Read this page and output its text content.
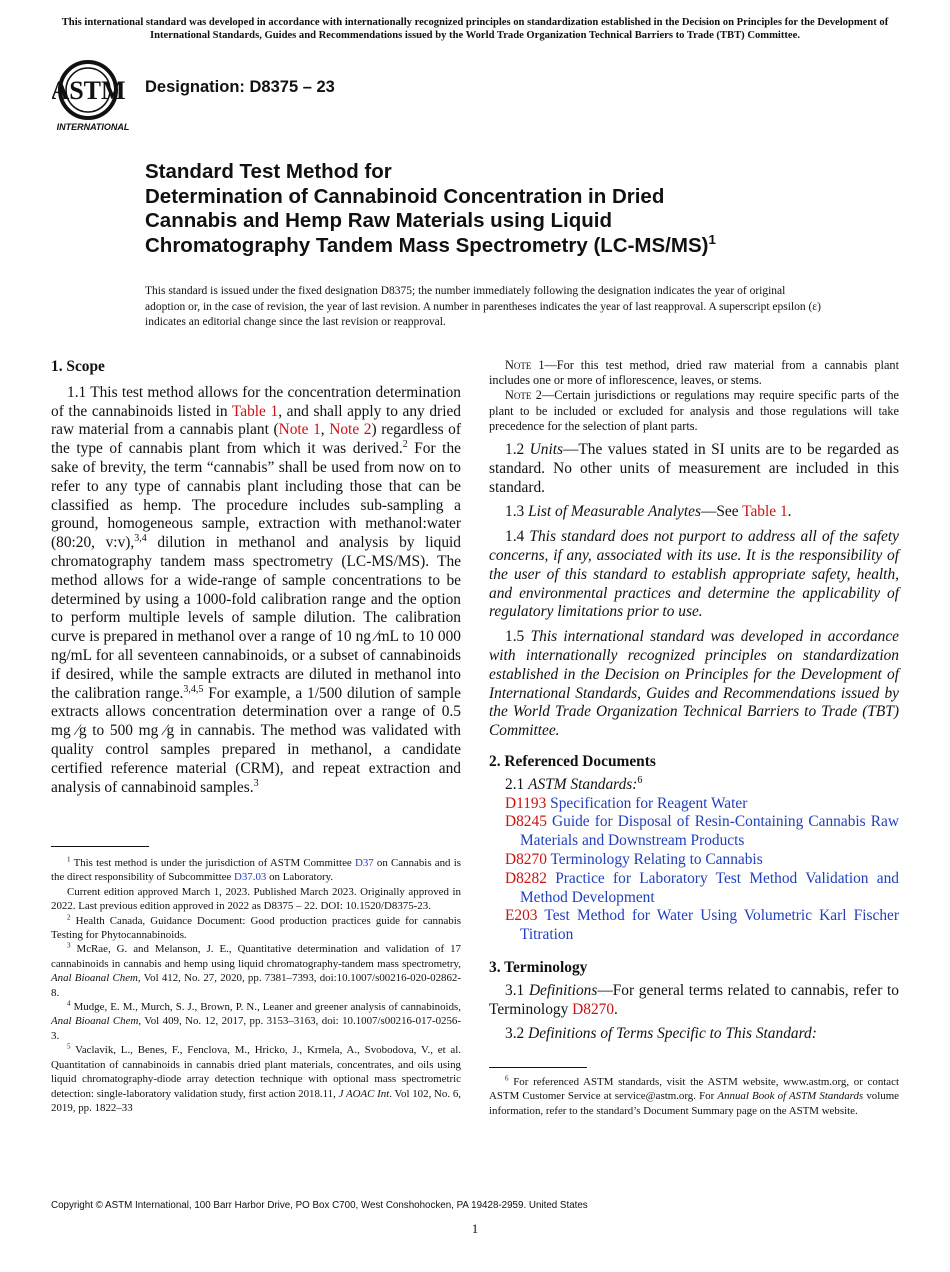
This international standard was developed in accordance with internationally recognized principles on standardization established in the Decision on Principles for the Development of International Standards, Guides and Recommendations issued by the World Trade Organization Technical Barriers to Trade (TBT) Committee.
ASTM
INTERNATIONAL
Designation: D8375 – 23
Standard Test Method for
Determination of Cannabinoid Concentration in Dried
Cannabis and Hemp Raw Materials using Liquid
Chromatography Tandem Mass Spectrometry $(LC-MS/MS)^1$
This standard is issued under the fixed designation D8375; the number immediately following the designation indicates the year of original adoption or, in the case of revision, the year of last revision. A number in parentheses indicates the year of last reapproval. A superscript epsilon (ε) indicates an editorial change since the last revision or reapproval.

1. Scope

1.1 This test method allows for the concentration determination of the cannabinoids listed in Table 1, and shall apply to any dried raw material from a cannabis plant (Note 1, Note 2) regardless of the type of cannabis plant from which it was derived.$^2$ For the sake of brevity, the term “cannabis” shall be used from now on to refer to any type of cannabis plant including those that can be classified as hemp. The procedure includes sub-sampling a ground, homogeneous sample, extraction with methanol:water (80:20, v:v),$^{3,4}$ dilution in methanol and analysis by liquid chromatography tandem mass spectrometry (LC-MS/MS). The method allows for a wide-range of sample concentrations to be determined by using a 1000-fold calibration range and the option to perform multiple levels of sample dilution. The calibration curve is prepared in methanol over a range of 10 ng ⁄mL to 10 000 ng/mL for all seventeen cannabinoids, or a subset of cannabinoids if desired, while the sample extracts are diluted in methanol into the calibration range.$^{3,4,5}$ For example, a 1/500 dilution of sample extracts allows concentration determination over a range of 0.5 mg ⁄g to 500 mg ⁄g in cannabis. The method was validated with quality control samples prepared in methanol, a candidate certified reference material (CRM), and repeat extraction and analysis of cannabinoid samples.$^3$

$^1$ This test method is under the jurisdiction of ASTM Committee D37 on Cannabis and is the direct responsibility of Subcommittee D37.03 on Laboratory.

Current edition approved March 1, 2023. Published March 2023. Originally approved in 2022. Last previous edition approved in 2022 as D8375 – 22. DOI: 10.1520/D8375-23.

$^2$ Health Canada, Guidance Document: Good production practices guide for cannabis Testing for Phytocannabinoids.

$^3$ McRae, G. and Melanson, J. E., Quantitative determination and validation of 17 cannabinoids in cannabis and hemp using liquid chromatography-tandem mass spectrometry, Anal Bioanal Chem, Vol 412, No. 27, 2020, pp. 7381–7393, doi:10.1007/s00216-020-02862-8.

$^4$ Mudge, E. M., Murch, S. J., Brown, P. N., Leaner and greener analysis of cannabinoids, Anal Bioanal Chem, Vol 409, No. 12, 2017, pp. 3153–3163, doi: 10.1007/s00216-017-0256-3.

$^5$ Vaclavik, L., Benes, F., Fenclova, M., Hricko, J., Krmela, A., Svobodova, V., et al. Quantitation of cannabinoids in cannabis dried plant materials, concentrates, and oils using liquid chromatography-diode array detection technique with optional mass spectrometric detection: single-laboratory validation study, first action 2018.11, J AOAC Int. Vol 102, No. 6, 2019, pp. 1822–33

Note 1—For this test method, dried raw material from a cannabis plant includes one or more of inflorescence, leaves, or stems.

Note 2—Certain jurisdictions or regulations may require specific parts of the plant to be included or excluded for analysis and those regulations will take precedence for the selection of plant parts.

1.2 Units—The values stated in SI units are to be regarded as standard. No other units of measurement are included in this standard.

1.3 List of Measurable Analytes—See Table 1.

1.4 This standard does not purport to address all of the safety concerns, if any, associated with its use. It is the responsibility of the user of this standard to establish appropriate safety, health, and environmental practices and determine the applicability of regulatory limitations prior to use.

1.5 This international standard was developed in accordance with internationally recognized principles on standardization established in the Decision on Principles for the Development of International Standards, Guides and Recommendations issued by the World Trade Organization Technical Barriers to Trade (TBT) Committee.

2. Referenced Documents

2.1 ASTM Standards:$^6$

D1193 Specification for Reagent Water
D8245 Guide for Disposal of Resin-Containing Cannabis Raw Materials and Downstream Products
D8270 Terminology Relating to Cannabis
D8282 Practice for Laboratory Test Method Validation and Method Development
E203 Test Method for Water Using Volumetric Karl Fischer Titration

3. Terminology

3.1 Definitions—For general terms related to cannabis, refer to Terminology D8270.

3.2 Definitions of Terms Specific to This Standard:

$^6$ For referenced ASTM standards, visit the ASTM website, www.astm.org, or contact ASTM Customer Service at service@astm.org. For Annual Book of ASTM Standards volume information, refer to the standard’s Document Summary page on the ASTM website.

Copyright © ASTM International, 100 Barr Harbor Drive, PO Box C700, West Conshohocken, PA 19428-2959. United States
1
